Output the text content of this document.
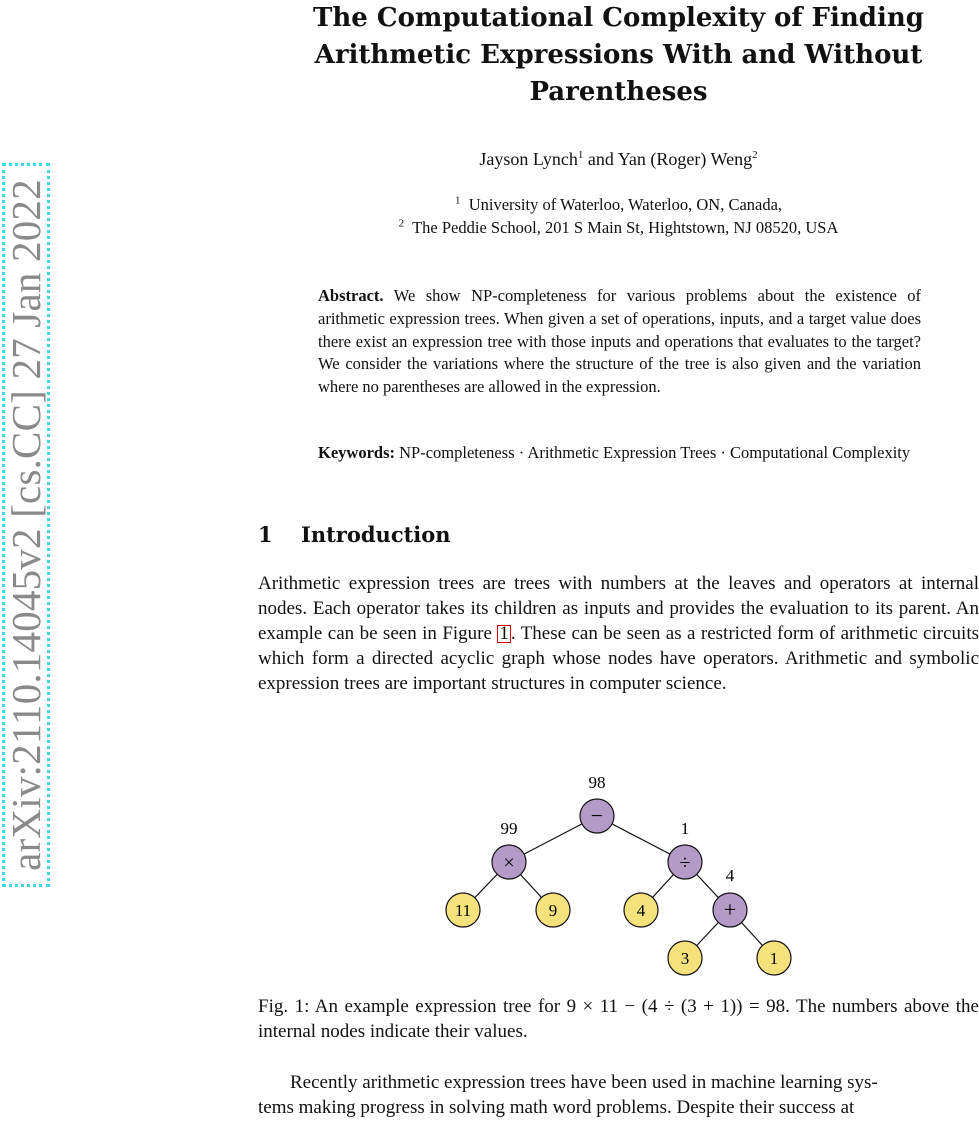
arXiv:2110.14045v2 [cs.CC] 27 Jan 2022
The Computational Complexity of Finding
Arithmetic Expressions With and Without
Parentheses
Jayson Lynch$^1$ and Yan (Roger) Weng$^2$
$^1$ University of Waterloo, Waterloo, ON, Canada,
$^2$ The Peddie School, 201 S Main St, Hightstown, NJ 08520, USA
Abstract. We show NP-completeness for various problems about the existence of arithmetic expression trees. When given a set of operations, inputs, and a target value does there exist an expression tree with those inputs and operations that evaluates to the target? We consider the variations where the structure of the tree is also given and the variation where no parentheses are allowed in the expression.
Keywords: NP-completeness · Arithmetic Expression Trees · Computational Complexity
1 Introduction
Arithmetic expression trees are trees with numbers at the leaves and operators at internal nodes. Each operator takes its children as inputs and provides the evaluation to its parent. An example can be seen in Figure 1 . These can be seen as a restricted form of arithmetic circuits which form a directed acyclic graph whose nodes have operators. Arithmetic and symbolic expression trees are important structures in computer science.
98
99	1
4
−
×	÷
+
11	9	4
3	1
Fig. 1: An example expression tree for 9 × 11 − (4 ÷ (3 + 1)) = 98. The numbers above the internal nodes indicate their values.
Recently arithmetic expression trees have been used in machine learning sys-
tems making progress in solving math word problems. Despite their success at
